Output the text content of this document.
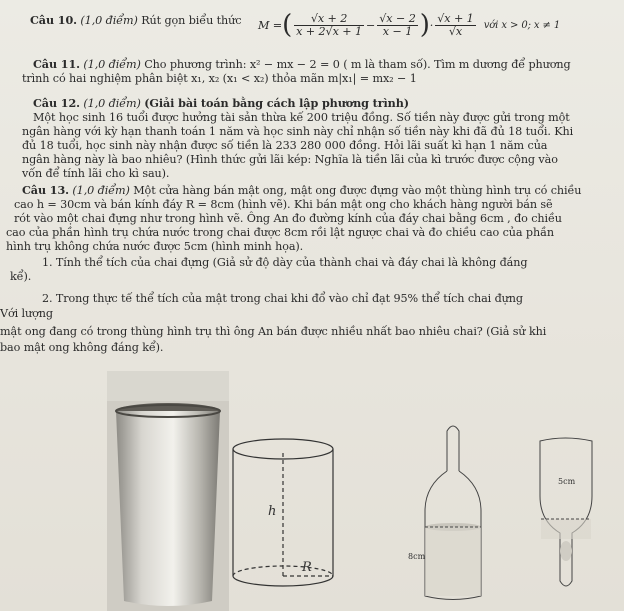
Câu 10. (1,0 điểm) Rút gọn biểu thức M = ( $\frac{√x + 2}{x + 2√x + 1} - \frac{√x - 2}{x - 1}$ ) · $\frac{√x + 1}{√x}$ với x > 0; x ≠ 1
Câu 11. (1,0 điểm) Cho phương trình: x² − mx − 2 = 0 ( m là tham số). Tìm m dương để phương
trình có hai nghiệm phân biệt x₁, x₂ (x₁ < x₂) thỏa mãn m|x₁| = mx₂ − 1
Câu 12. (1,0 điểm) (Giải bài toán bằng cách lập phương trình)
Một học sinh 16 tuổi được hưởng tài sản thừa kế 200 triệu đồng. Số tiền này được gửi trong một
ngân hàng với kỳ hạn thanh toán 1 năm và học sinh này chỉ nhận số tiền này khi đã đủ 18 tuổi. Khi
đủ 18 tuổi, học sinh này nhận được số tiền là 233 280 000 đồng. Hỏi lãi suất kì hạn 1 năm của
ngân hàng này là bao nhiêu? (Hình thức gửi lãi kép: Nghĩa là tiền lãi của kì trước được cộng vào
vốn để tính lãi cho kì sau).
Câu 13. (1,0 điểm) Một cửa hàng bán mật ong, mật ong được đựng vào một thùng hình trụ có chiều
cao h = 30cm và bán kính đáy R = 8cm (hình vẽ). Khi bán mật ong cho khách hàng người bán sẽ
rót vào một chai đựng như trong hình vẽ. Ông An đo đường kính của đáy chai bằng 6cm , đo chiều
cao của phần hình trụ chứa nước trong chai được 8cm rồi lật ngược chai và đo chiều cao của phần
hình trụ không chứa nước được 5cm (hình minh họa).
1. Tính thể tích của chai đựng (Giả sử độ dày của thành chai và đáy chai là không đáng
kể).
2. Trong thực tế thể tích của mật trong chai khi đổ vào chỉ đạt 95% thể tích chai đựng
Với lượng
mật ong đang có trong thùng hình trụ thì ông An bán được nhiều nhất bao nhiêu chai? (Giả sử khi
bao mật ong không đáng kể).
h
R
8cm
5cm
